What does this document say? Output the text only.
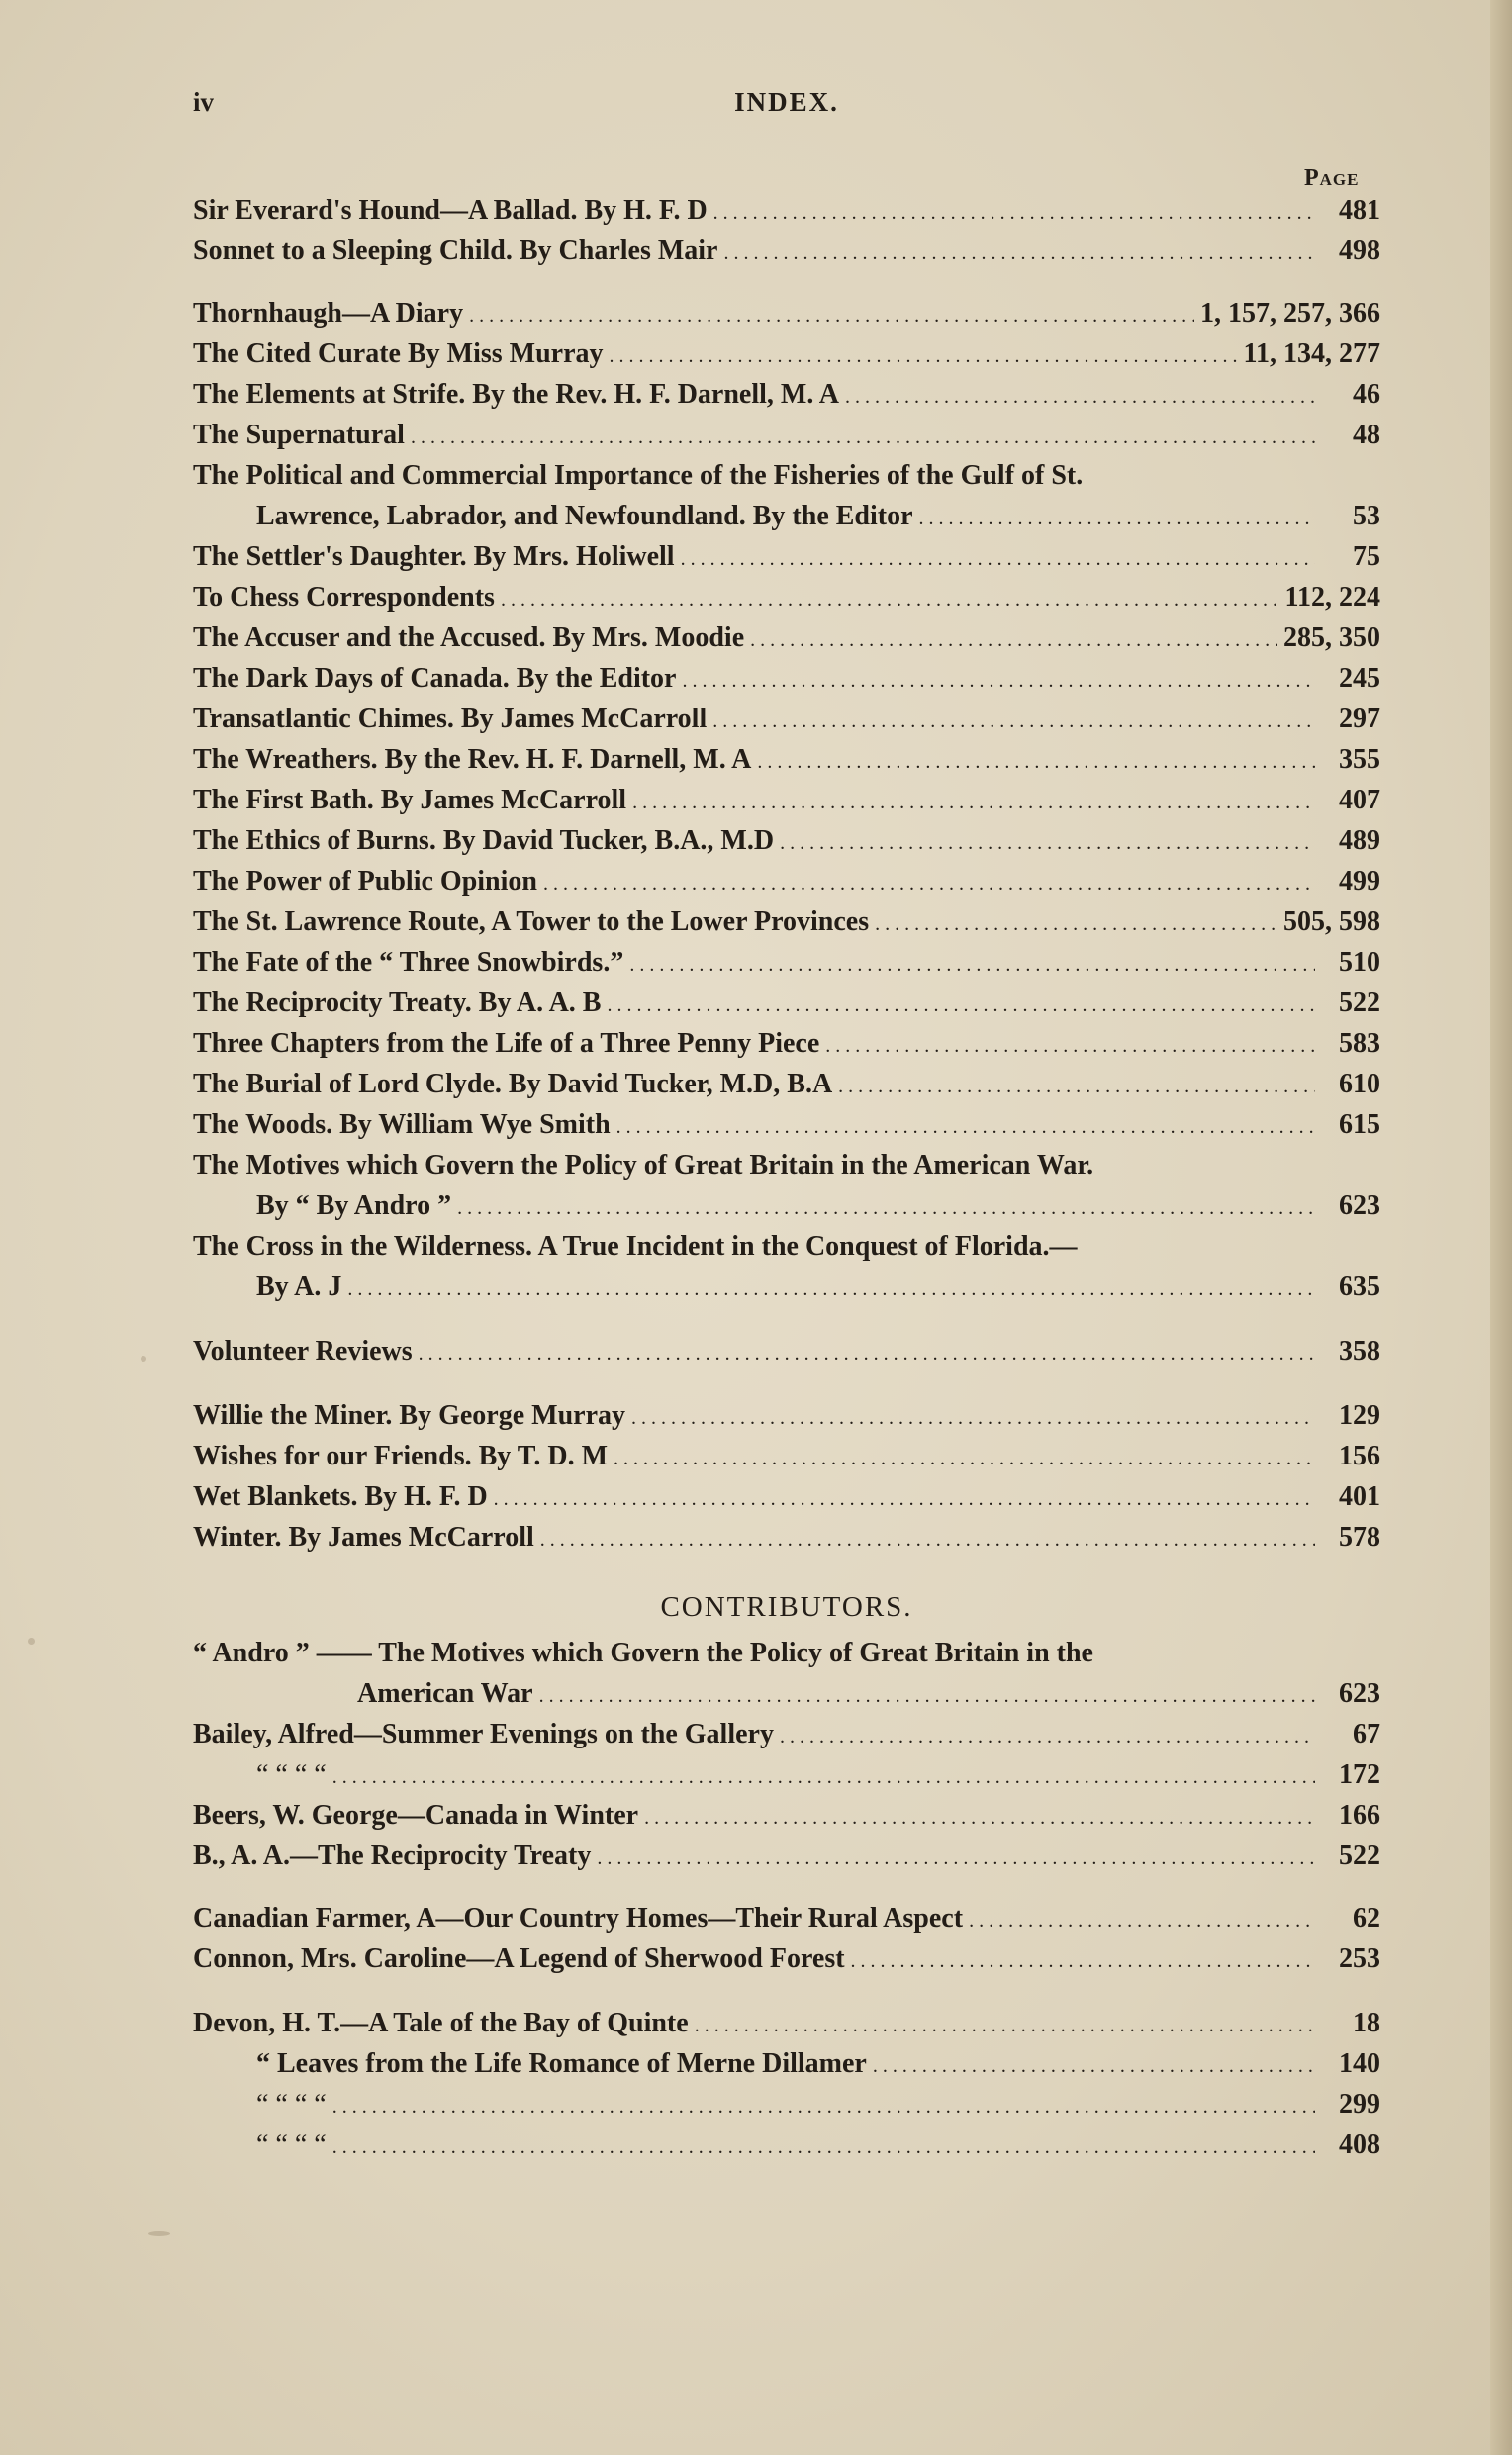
iv	INDEX.
Page
Sir Everard's Hound—A Ballad. By H. F. D . . .	481
Sonnet to a Sleeping Child. By Charles Mair . . .	498
Thornhaugh—A Diary . . .	1, 157, 257, 366
The Cited Curate By Miss Murray . . .	11, 134, 277
The Elements at Strife. By the Rev. H. F. Darnell, M. A . . .	46
The Supernatural . . .	48
The Political and Commercial Importance of the Fisheries of the Gulf of St.
Lawrence, Labrador, and Newfoundland. By the Editor . . .	53
The Settler's Daughter. By Mrs. Holiwell . . .	75
To Chess Correspondents . . .	112, 224
The Accuser and the Accused. By Mrs. Moodie . . .	285, 350
The Dark Days of Canada. By the Editor . . .	245
Transatlantic Chimes. By James McCarroll . . .	297
The Wreathers. By the Rev. H. F. Darnell, M. A . . .	355
The First Bath. By James McCarroll . . .	407
The Ethics of Burns. By David Tucker, B.A., M.D . . .	489
The Power of Public Opinion . . .	499
The St. Lawrence Route, A Tower to the Lower Provinces . . .	505, 598
The Fate of the “ Three Snowbirds.” . . .	510
The Reciprocity Treaty. By A. A. B . . .	522
Three Chapters from the Life of a Three Penny Piece . . .	583
The Burial of Lord Clyde. By David Tucker, M.D, B.A . . .	610
The Woods. By William Wye Smith . . .	615
The Motives which Govern the Policy of Great Britain in the American War.
By “ By Andro ” . . .	623
The Cross in the Wilderness. A True Incident in the Conquest of Florida.—
By A. J . . .	635
Volunteer Reviews . . .	358
Willie the Miner. By George Murray . . .	129
Wishes for our Friends. By T. D. M . . .	156
Wet Blankets. By H. F. D . . .	401
Winter. By James McCarroll . . .	578
CONTRIBUTORS.
“ Andro ” —— The Motives which Govern the Policy of Great Britain in the
American War . . .	623
Bailey, Alfred—Summer Evenings on the Gallery . . .	67
“ “ “ “ . . .	172
Beers, W. George—Canada in Winter . . .	166
B., A. A.—The Reciprocity Treaty . . .	522
Canadian Farmer, A—Our Country Homes—Their Rural Aspect . . .	62
Connon, Mrs. Caroline—A Legend of Sherwood Forest . . .	253
Devon, H. T.—A Tale of the Bay of Quinte . . .	18
“ Leaves from the Life Romance of Merne Dillamer . . .	140
“ “ “ “ . . .	299
“ “ “ “ . . .	408
